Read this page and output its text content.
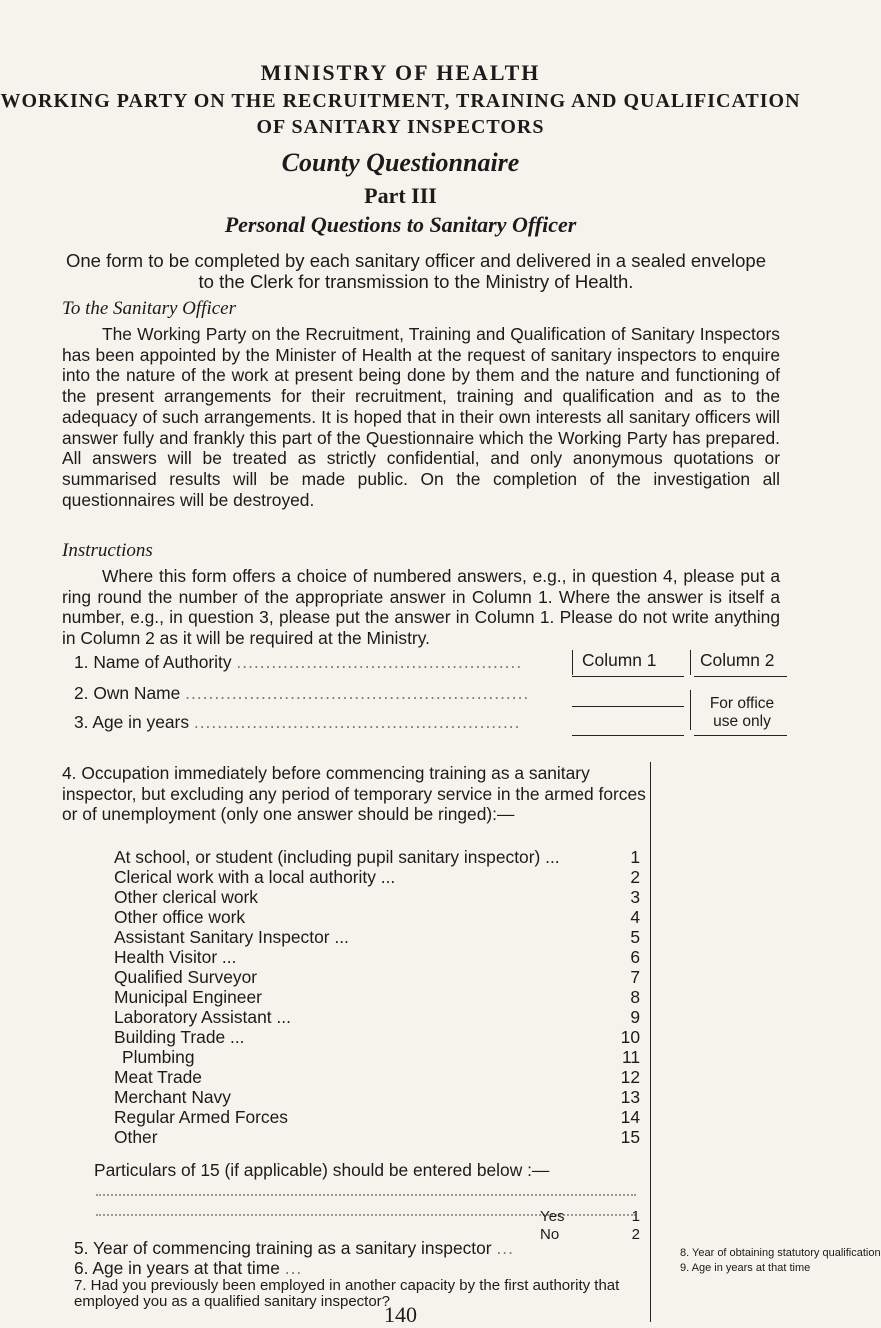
MINISTRY OF HEALTH
WORKING PARTY ON THE RECRUITMENT, TRAINING AND QUALIFICATION OF SANITARY INSPECTORS
County Questionnaire
Part III
Personal Questions to Sanitary Officer
One form to be completed by each sanitary officer and delivered in a sealed envelope to the Clerk for transmission to the Ministry of Health.
To the Sanitary Officer
The Working Party on the Recruitment, Training and Qualification of Sanitary Inspectors has been appointed by the Minister of Health at the request of sanitary inspectors to enquire into the nature of the work at present being done by them and the nature and functioning of the present arrangements for their recruitment, training and qualification and as to the adequacy of such arrangements. It is hoped that in their own interests all sanitary officers will answer fully and frankly this part of the Questionnaire which the Working Party has prepared. All answers will be treated as strictly confidential, and only anonymous quotations or summarised results will be made public. On the completion of the investigation all questionnaires will be destroyed.
Instructions
Where this form offers a choice of numbered answers, e.g., in question 4, please put a ring round the number of the appropriate answer in Column 1. Where the answer is itself a number, e.g., in question 3, please put the answer in Column 1. Please do not write anything in Column 2 as it will be required at the Ministry.
1. Name of Authority .................................................
2. Own Name ...........................................................
3. Age in years ........................................................
Column 1	Column 2
For office use only
4. Occupation immediately before commencing training as a sanitary inspector, but excluding any period of temporary service in the armed forces or of unemployment (only one answer should be ringed):—
At school, or student (including pupil sanitary inspector) ...	1
Clerical work with a local authority ...	2
Other clerical work	3
Other office work	4
Assistant Sanitary Inspector ...	5
Health Visitor ...	6
Qualified Surveyor	7
Municipal Engineer	8
Laboratory Assistant ...	9
Building Trade ...	10
Plumbing	11
Meat Trade	12
Merchant Navy	13
Regular Armed Forces	14
Other	15
Particulars of 15 (if applicable) should be entered below :—
5. Year of commencing training as a sanitary inspector ...
6. Age in years at that time ...
7. Had you previously been employed in another capacity by the first authority that employed you as a qualified sanitary inspector?
Yes	1
No	2
8. Year of obtaining statutory qualification
9. Age in years at that time
140
